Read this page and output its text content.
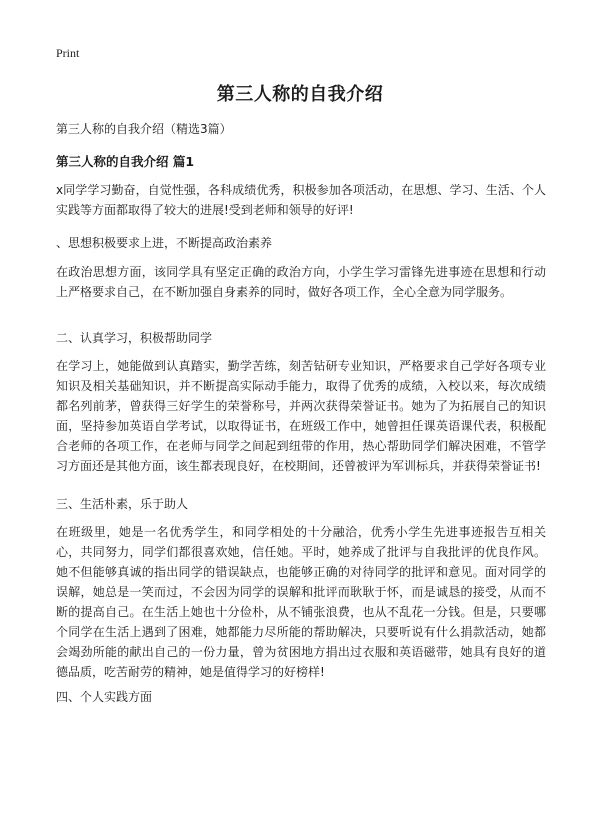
Print
第三人称的自我介绍

第三人称的自我介绍（精选3篇）

第三人称的自我介绍 篇1

x同学学习勤奋，自觉性强，各科成绩优秀，积极参加各项活动，在思想、学习、生活、个人实践等方面都取得了较大的进展!受到老师和领导的好评!

、思想积极要求上进，不断提高政治素养

在政治思想方面，该同学具有坚定正确的政治方向，小学生学习雷锋先进事迹在思想和行动上严格要求自己，在不断加强自身素养的同时，做好各项工作，全心全意为同学服务。

二、认真学习，积极帮助同学

在学习上，她能做到认真踏实，勤学苦练，刻苦钻研专业知识，严格要求自己学好各项专业知识及相关基础知识，并不断提高实际动手能力，取得了优秀的成绩，入校以来，每次成绩都名列前茅，曾获得三好学生的荣誉称号，并两次获得荣誉证书。她为了为拓展自己的知识面，坚持参加英语自学考试，以取得证书，在班级工作中，她曾担任课英语课代表，积极配合老师的各项工作，在老师与同学之间起到纽带的作用，热心帮助同学们解决困难，不管学习方面还是其他方面，该生都表现良好，在校期间，还曾被评为军训标兵，并获得荣誉证书!

三、生活朴素，乐于助人

在班级里，她是一名优秀学生，和同学相处的十分融洽，优秀小学生先进事迹报告互相关心，共同努力，同学们都很喜欢她，信任她。平时，她养成了批评与自我批评的优良作风。她不但能够真诚的指出同学的错误缺点，也能够正确的对待同学的批评和意见。面对同学的误解，她总是一笑而过，不会因为同学的误解和批评而耿耿于怀，而是诚恳的接受，从而不断的提高自己。在生活上她也十分俭朴，从不铺张浪费，也从不乱花一分钱。但是，只要哪个同学在生活上遇到了困难，她都能力尽所能的帮助解决，只要听说有什么捐款活动，她都会竭劲所能的献出自己的一份力量，曾为贫困地方捐出过衣服和英语磁带，她具有良好的道德品质，吃苦耐劳的精神，她是值得学习的好榜样!

四、个人实践方面
